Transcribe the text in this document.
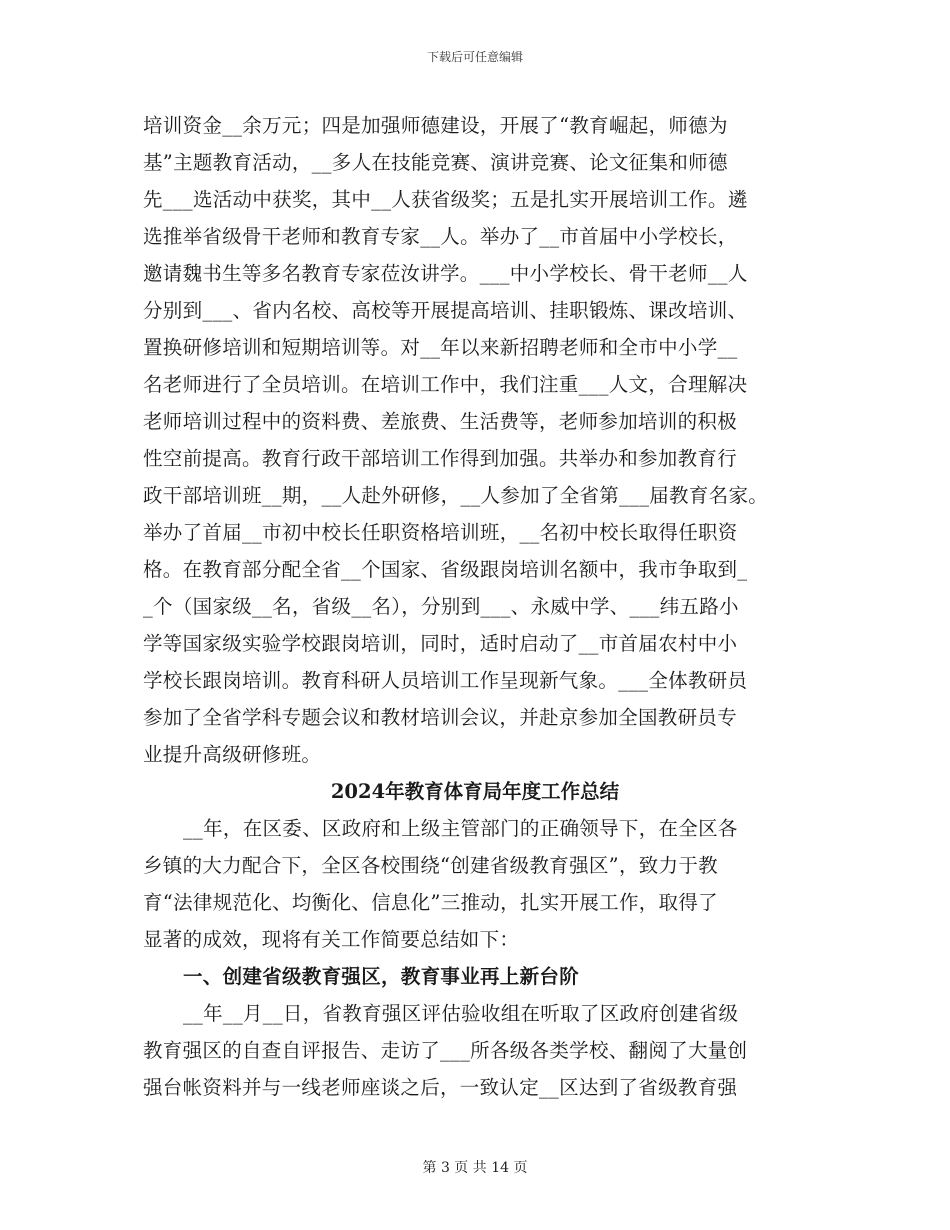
下载后可任意编辑
培训资金__余万元；四是加强师德建设，开展了“教育崛起，师德为
基”主题教育活动，__多人在技能竞赛、演讲竞赛、论文征集和师德
先___选活动中获奖，其中__人获省级奖；五是扎实开展培训工作。遴
选推举省级骨干老师和教育专家__人。举办了__市首届中小学校长，
邀请魏书生等多名教育专家莅汝讲学。___中小学校长、骨干老师__人
分别到___、省内名校、高校等开展提高培训、挂职锻炼、课改培训、
置换研修培训和短期培训等。对__年以来新招聘老师和全市中小学__
名老师进行了全员培训。在培训工作中，我们注重___人文，合理解决
老师培训过程中的资料费、差旅费、生活费等，老师参加培训的积极
性空前提高。教育行政干部培训工作得到加强。共举办和参加教育行
政干部培训班__期，__人赴外研修，__人参加了全省第___届教育名家。
举办了首届__市初中校长任职资格培训班，__名初中校长取得任职资
格。在教育部分配全省__个国家、省级跟岗培训名额中，我市争取到_
_个（国家级__名，省级__名），分别到___、永威中学、___纬五路小
学等国家级实验学校跟岗培训，同时，适时启动了__市首届农村中小
学校长跟岗培训。教育科研人员培训工作呈现新气象。___全体教研员
参加了全省学科专题会议和教材培训会议，并赴京参加全国教研员专
业提升高级研修班。
2024年教育体育局年度工作总结
__年，在区委、区政府和上级主管部门的正确领导下，在全区各
乡镇的大力配合下，全区各校围绕“创建省级教育强区”，致力于教
育“法律规范化、均衡化、信息化”三推动，扎实开展工作，取得了
显著的成效，现将有关工作简要总结如下：
一、创建省级教育强区，教育事业再上新台阶
__年__月__日，省教育强区评估验收组在听取了区政府创建省级
教育强区的自查自评报告、走访了___所各级各类学校、翻阅了大量创
强台帐资料并与一线老师座谈之后，一致认定__区达到了省级教育强
第 3 页 共 14 页
